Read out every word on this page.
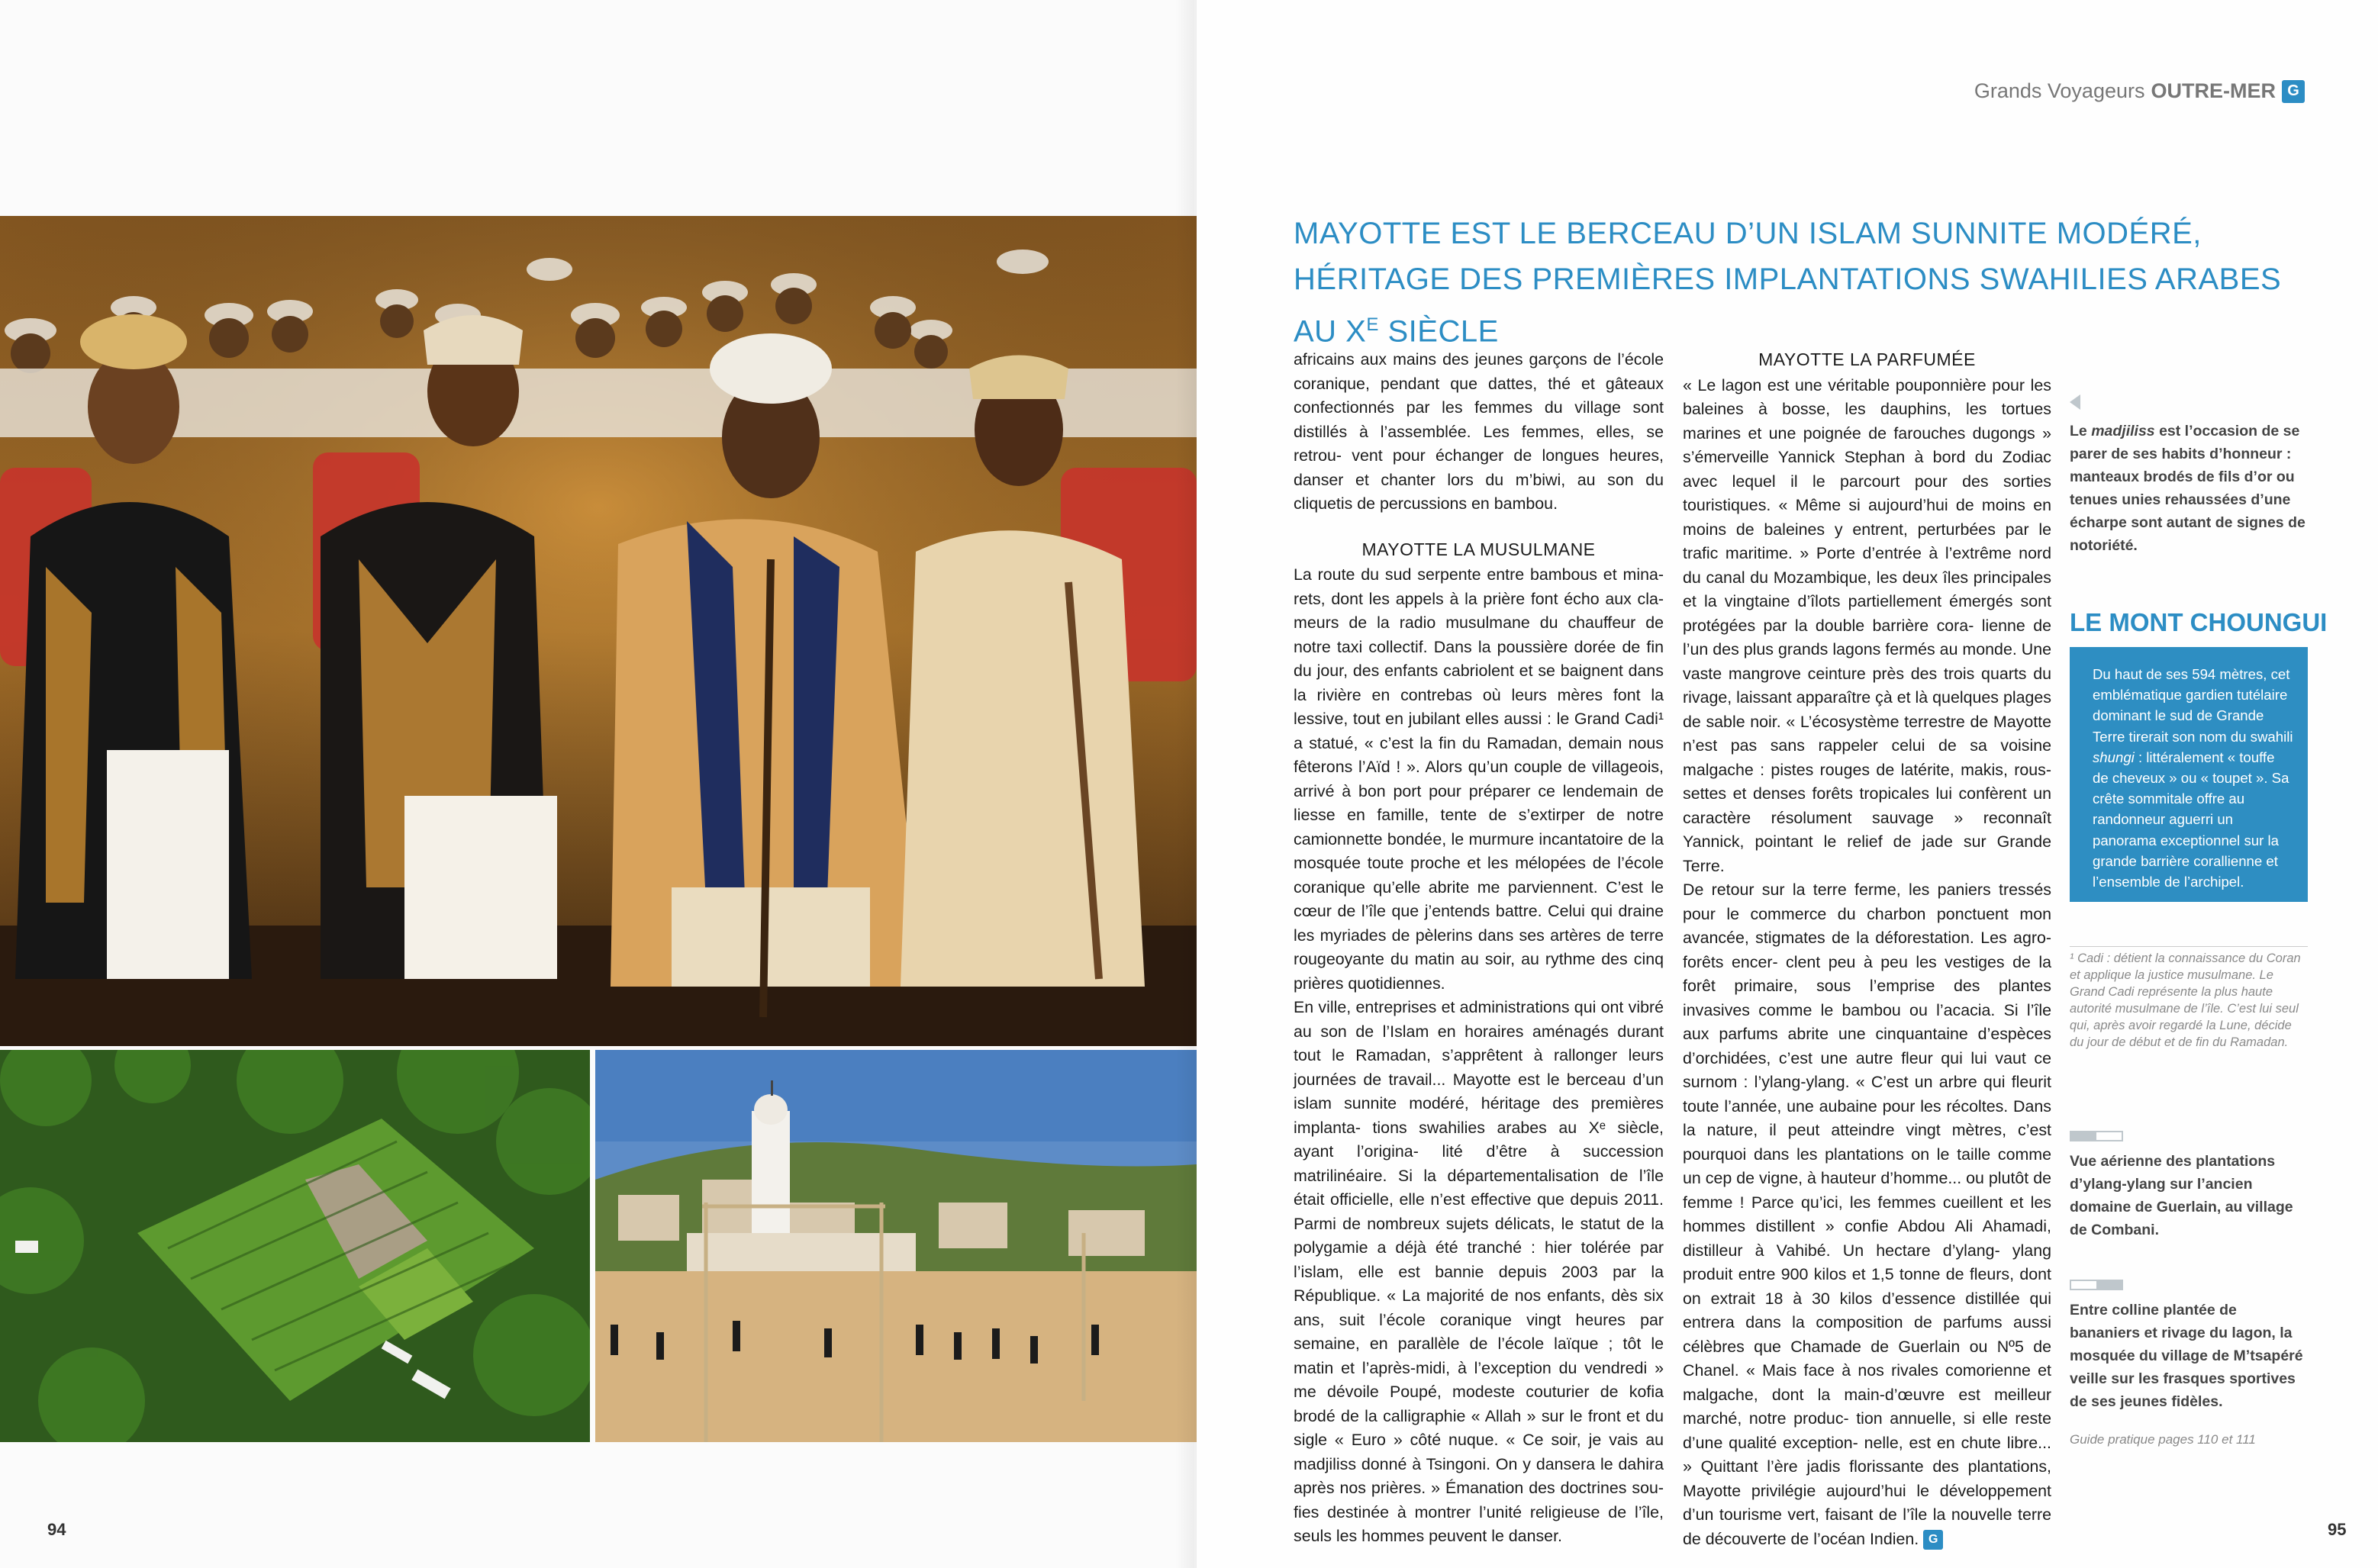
94
Grands Voyageurs OUTRE-MER G
MAYOTTE EST LE BERCEAU D’UN ISLAM SUNNITE MODÉRÉ, HÉRITAGE DES PREMIÈRES IMPLANTATIONS SWAHILIES ARABES AU $X^E$ SIÈCLE

africains aux mains des jeunes garçons de l’école coranique, pendant que dattes, thé et gâteaux confectionnés par les femmes du village sont distillés à l’assemblée. Les femmes, elles, se retrou- vent pour échanger de longues heures, danser et chanter lors du m’biwi, au son du cliquetis de percussions en bambou.

MAYOTTE LA MUSULMANE

La route du sud serpente entre bambous et mina- rets, dont les appels à la prière font écho aux cla- meurs de la radio musulmane du chauffeur de notre taxi collectif. Dans la poussière dorée de fin du jour, des enfants cabriolent et se baignent dans la rivière en contrebas où leurs mères font la lessive, tout en jubilant elles aussi : le Grand Cadi¹ a statué, « c’est la fin du Ramadan, demain nous fêterons l’Aïd ! ». Alors qu’un couple de villageois, arrivé à bon port pour préparer ce lendemain de liesse en famille, tente de s’extirper de notre camionnette bondée, le murmure incantatoire de la mosquée toute proche et les mélopées de l’école coranique qu’elle abrite me parviennent. C’est le cœur de l’île que j’entends battre. Celui qui draine les myriades de pèlerins dans ses artères de terre rougeoyante du matin au soir, au rythme des cinq prières quotidiennes.

En ville, entreprises et administrations qui ont vibré au son de l’Islam en horaires aménagés durant tout le Ramadan, s’apprêtent à rallonger leurs journées de travail... Mayotte est le berceau d’un islam sunnite modéré, héritage des premières implanta- tions swahilies arabes au Xᵉ siècle, ayant l’origina- lité d’être à succession matrilinéaire. Si la départementalisation de l’île était officielle, elle n’est effective que depuis 2011. Parmi de nombreux sujets délicats, le statut de la polygamie a déjà été tranché : hier tolérée par l’islam, elle est bannie depuis 2003 par la République. « La majorité de nos enfants, dès six ans, suit l’école coranique vingt heures par semaine, en parallèle de l’école laïque ; tôt le matin et l’après-midi, à l’exception du vendredi » me dévoile Poupé, modeste couturier de kofia brodé de la calligraphie « Allah » sur le front et du sigle « Euro » côté nuque. « Ce soir, je vais au madjiliss donné à Tsingoni. On y dansera le dahira après nos prières. » Émanation des doctrines sou- fies destinée à montrer l’unité religieuse de l’île, seuls les hommes peuvent le danser.

MAYOTTE LA PARFUMÉE

« Le lagon est une véritable pouponnière pour les baleines à bosse, les dauphins, les tortues marines et une poignée de farouches dugongs » s’émerveille Yannick Stephan à bord du Zodiac avec lequel il le parcourt pour des sorties touristiques. « Même si aujourd’hui de moins en moins de baleines y entrent, perturbées par le trafic maritime. » Porte d’entrée à l’extrême nord du canal du Mozambique, les deux îles principales et la vingtaine d’îlots partiellement émergés sont protégées par la double barrière cora- lienne de l’un des plus grands lagons fermés au monde. Une vaste mangrove ceinture près des trois quarts du rivage, laissant apparaître çà et là quelques plages de sable noir. « L’écosystème terrestre de Mayotte n’est pas sans rappeler celui de sa voisine malgache : pistes rouges de latérite, makis, rous- settes et denses forêts tropicales lui confèrent un caractère résolument sauvage » reconnaît Yannick, pointant le relief de jade sur Grande Terre.

De retour sur la terre ferme, les paniers tressés pour le commerce du charbon ponctuent mon avancée, stigmates de la déforestation. Les agro-forêts encer- clent peu à peu les vestiges de la forêt primaire, sous l’emprise des plantes invasives comme le bambou ou l’acacia. Si l’île aux parfums abrite une cinquantaine d’espèces d’orchidées, c’est une autre fleur qui lui vaut ce surnom : l’ylang-ylang. « C’est un arbre qui fleurit toute l’année, une aubaine pour les récoltes. Dans la nature, il peut atteindre vingt mètres, c’est pourquoi dans les plantations on le taille comme un cep de vigne, à hauteur d’homme... ou plutôt de femme ! Parce qu’ici, les femmes cueillent et les hommes distillent » confie Abdou Ali Ahamadi, distilleur à Vahibé. Un hectare d’ylang- ylang produit entre 900 kilos et 1,5 tonne de fleurs, dont on extrait 18 à 30 kilos d’essence distillée qui entrera dans la composition de parfums aussi célèbres que Chamade de Guerlain ou Nº5 de Chanel. « Mais face à nos rivales comorienne et malgache, dont la main-d’œuvre est meilleur marché, notre produc- tion annuelle, si elle reste d’une qualité exception- nelle, est en chute libre... » Quittant l’ère jadis florissante des plantations, Mayotte privilégie aujourd’hui le développement d’un tourisme vert, faisant de l’île la nouvelle terre de découverte de l’océan Indien. G

Le madjiliss est l’occasion de se parer de ses habits d’honneur : manteaux brodés de fils d’or ou tenues unies rehaussées d’une écharpe sont autant de signes de notoriété.
LE MONT CHOUNGUI
Du haut de ses 594 mètres, cet emblématique gardien tutélaire dominant le sud de Grande Terre tirerait son nom du swahili shungi : littéralement « touffe de cheveux » ou « toupet ». Sa crête sommitale offre au randonneur aguerri un panorama exceptionnel sur la grande barrière corallienne et l’ensemble de l’archipel.
¹ Cadi : détient la connaissance du Coran et applique la justice musulmane. Le Grand Cadi représente la plus haute autorité musulmane de l’île. C’est lui seul qui, après avoir regardé la Lune, décide du jour de début et de fin du Ramadan.
Vue aérienne des plantations d’ylang-ylang sur l’ancien domaine de Guerlain, au village de Combani.
Entre colline plantée de bananiers et rivage du lagon, la mosquée du village de M’tsapéré veille sur les frasques sportives de ses jeunes fidèles.
Guide pratique pages 110 et 111
95
